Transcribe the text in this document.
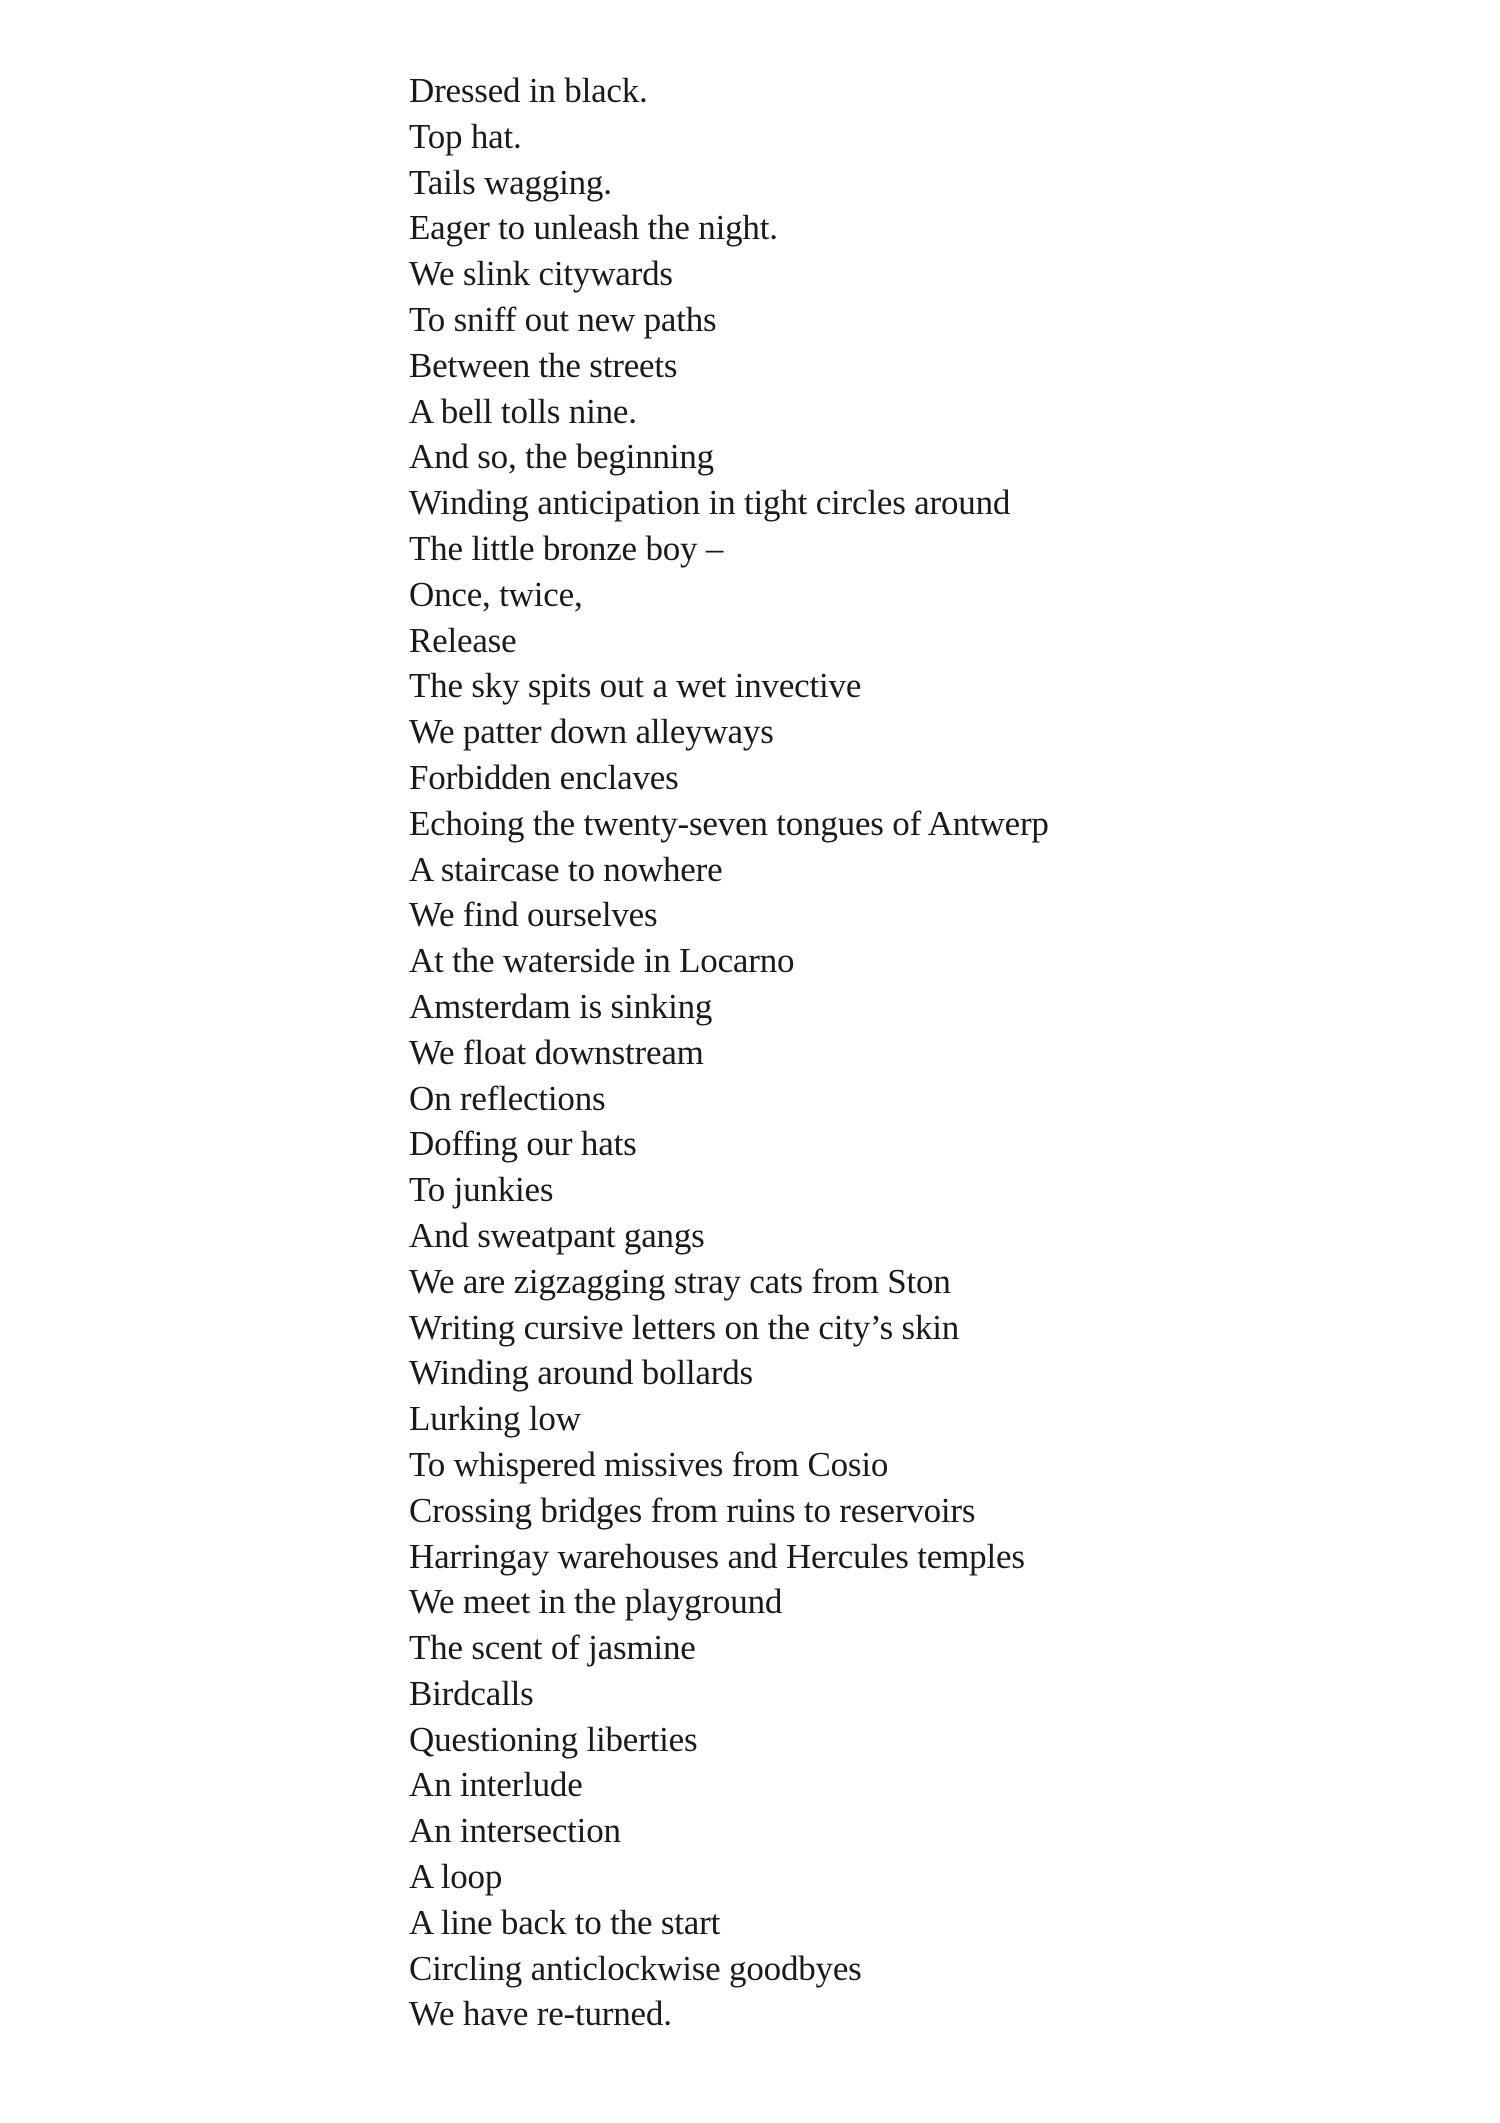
Dressed in black.
Top hat.
Tails wagging.
Eager to unleash the night.
We slink citywards
To sniff out new paths
Between the streets
A bell tolls nine.
And so, the beginning
Winding anticipation in tight circles around
The little bronze boy –
Once, twice,
Release
The sky spits out a wet invective
We patter down alleyways
Forbidden enclaves
Echoing the twenty-seven tongues of Antwerp
A staircase to nowhere
We find ourselves
At the waterside in Locarno
Amsterdam is sinking
We float downstream
On reflections
Doffing our hats
To junkies
And sweatpant gangs
We are zigzagging stray cats from Ston
Writing cursive letters on the city’s skin
Winding around bollards
Lurking low
To whispered missives from Cosio
Crossing bridges from ruins to reservoirs
Harringay warehouses and Hercules temples
We meet in the playground
The scent of jasmine
Birdcalls
Questioning liberties
An interlude
An intersection
A loop
A line back to the start
Circling anticlockwise goodbyes
We have re-turned.
